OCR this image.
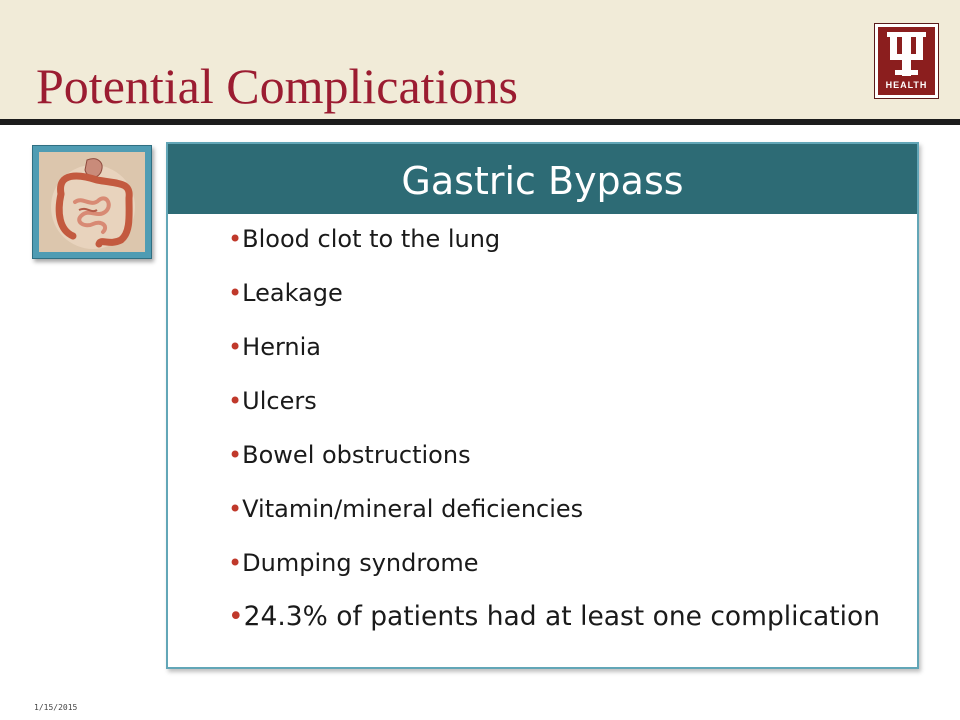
Potential Complications	HEALTH
Gastric Bypass
•Blood clot to the lung
•Leakage
•Hernia
•Ulcers
•Bowel obstructions
•Vitamin/mineral deficiencies
•Dumping syndrome
•24.3% of patients had at least one complication
1/15/2015
